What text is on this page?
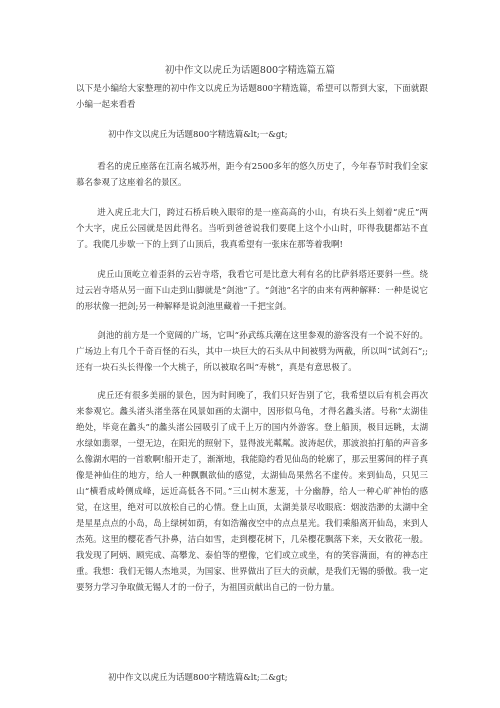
初中作文以虎丘为话题800字精选篇五篇

以下是小编给大家整理的初中作文以虎丘为话题800字精选篇，希望可以帮到大家，下面就跟小编一起来看看

初中作文以虎丘为话题800字精选篇&lt;一&gt;

看名的虎丘座落在江南名城苏州，距今有2500多年的悠久历史了，今年春节时我们全家慕名参观了这座着名的景区。

进入虎丘北大门，跨过石桥后映入眼帘的是一座高高的小山，有块石头上刻着“虎丘”两个大字，虎丘公园就是因此得名。当听到爸爸说我们要爬上这个小山时，吓得我腿都站不直了。我爬几步歇一下的上到了山顶后，我真希望有一张床在那等着我啊!

虎丘山顶屹立着歪斜的云岩寺塔，我看它可是比意大利有名的比萨斜塔还要斜一些。绕过云岩寺塔从另一面下山走到山脚就是“剑池”了。“剑池”名字的由来有两种解释：一种是说它的形状像一把剑;另一种解释是说剑池里藏着一千把宝剑。

剑池的前方是一个宽阔的广场，它叫“孙武练兵潮在这里参观的游客没有一个说不好的。广场边上有几个千奇百怪的石头，其中一块巨大的石头从中间被劈为两截，所以叫“试剑石”;;还有一块石头长得像一个大桃子，所以被取名叫“寿桃”，真是有意思极了。

虎丘还有很多美丽的景色，因为时间晚了，我们只好告别了它，我希望以后有机会再次来参观它。蠡头渚头渚坐落在风景如画的太湖中，因形似乌龟，才得名蠡头渚。号称“太湖佳绝处，毕竟在蠡头”的蠡头渚公园吸引了成千上万的国内外游客。登上船顶，极目远眺，太湖水绿如翡翠，一望无边，在阳光的照射下，显得波光粼粼。波涛起伏，那波浪拍打船的声音多么像湖水唱的一首歌啊!船开走了，渐渐地，我能隐约看见仙岛的轮廓了，那云里雾间的样子真像是神仙住的地方，给人一种飘飘欲仙的感觉，太湖仙岛果然名不虚传。来到仙岛，只见三山“横看成岭侧成峰，远近高低各不同。”三山树木葱茏，十分幽静，给人一种心旷神怡的感觉，在这里，绝对可以放松自己的心情。登上山顶，太湖美景尽收眼底：烟波浩渺的太湖中全是星星点点的小岛，岛上绿树如荫，有如浩瀚夜空中的点点星光。我们乘船离开仙岛，来到人杰苑。这里的樱花香气扑鼻，洁白如雪，走到樱花树下，几朵樱花飘落下来，天女散花一般。我发现了阿炳、顾宪成、高攀龙、泰伯等的塑像，它们或立或坐，有的笑容满面，有的神态庄重。我想：我们无锡人杰地灵，为国家、世界做出了巨大的贡献，是我们无锡的骄傲。我一定要努力学习争取做无锡人才的一份子，为祖国贡献出自己的一份力量。

初中作文以虎丘为话题800字精选篇&lt;二&gt;
